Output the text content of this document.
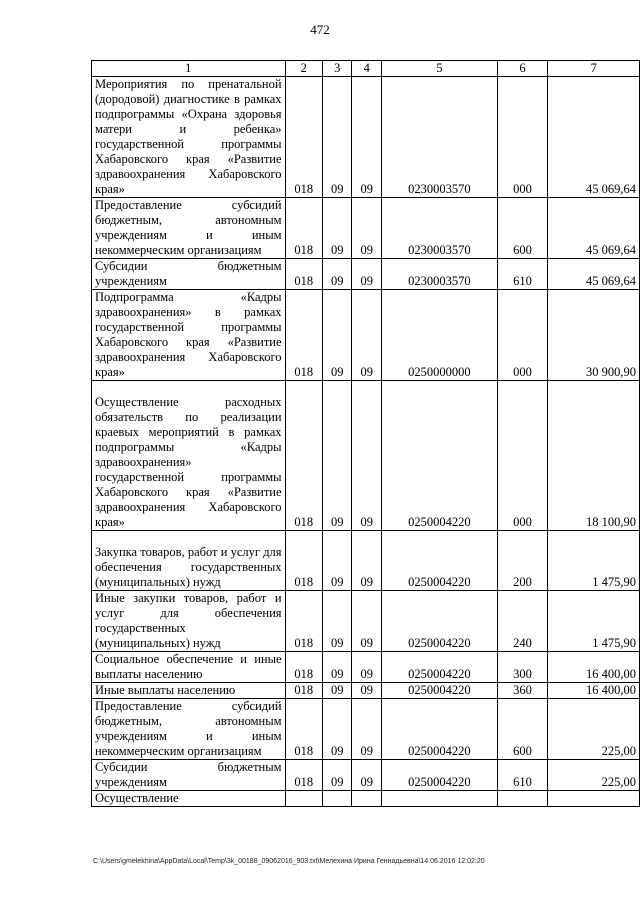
472
1	2	3	4	5	6	7

Мероприятия по пренатальной (дородовой) диагностике в рамках подпрограммы «Охрана здоровья матери и ребенка» государственной программы Хабаровского края «Развитие здравоохранения Хабаровского края»	018	09	09	0230003570	000	45 069,64

Предоставление субсидий бюджетным, автономным учреждениям и иным некоммерческим организациям	018	09	09	0230003570	600	45 069,64

Субсидии бюджетным учреждениям	018	09	09	0230003570	610	45 069,64

Подпрограмма «Кадры здравоохранения» в рамках государственной программы Хабаровского края «Развитие здравоохранения Хабаровского края»	018	09	09	0250000000	000	30 900,90

Осуществление расходных обязательств по реализации краевых мероприятий в рамках подпрограммы «Кадры здравоохранения» государственной программы Хабаровского края «Развитие здравоохранения Хабаровского края»	018	09	09	0250004220	000	18 100,90

Закупка товаров, работ и услуг для обеспечения государственных (муниципальных) нужд	018	09	09	0250004220	200	1 475,90

Иные закупки товаров, работ и услуг для обеспечения государственных (муниципальных) нужд	018	09	09	0250004220	240	1 475,90

Социальное обеспечение и иные выплаты населению	018	09	09	0250004220	300	16 400,00

Иные выплаты населению	018	09	09	0250004220	360	16 400,00

Предоставление субсидий бюджетным, автономным учреждениям и иным некоммерческим организациям	018	09	09	0250004220	600	225,00

Субсидии бюджетным учреждениям	018	09	09	0250004220	610	225,00

Осуществление						

C:\Users\gmelekhina\AppData\Local\Temp\3k_00188_09062016_903.txt\Мелехина Ирина Геннадьевна\14.06.2016 12:02:20
